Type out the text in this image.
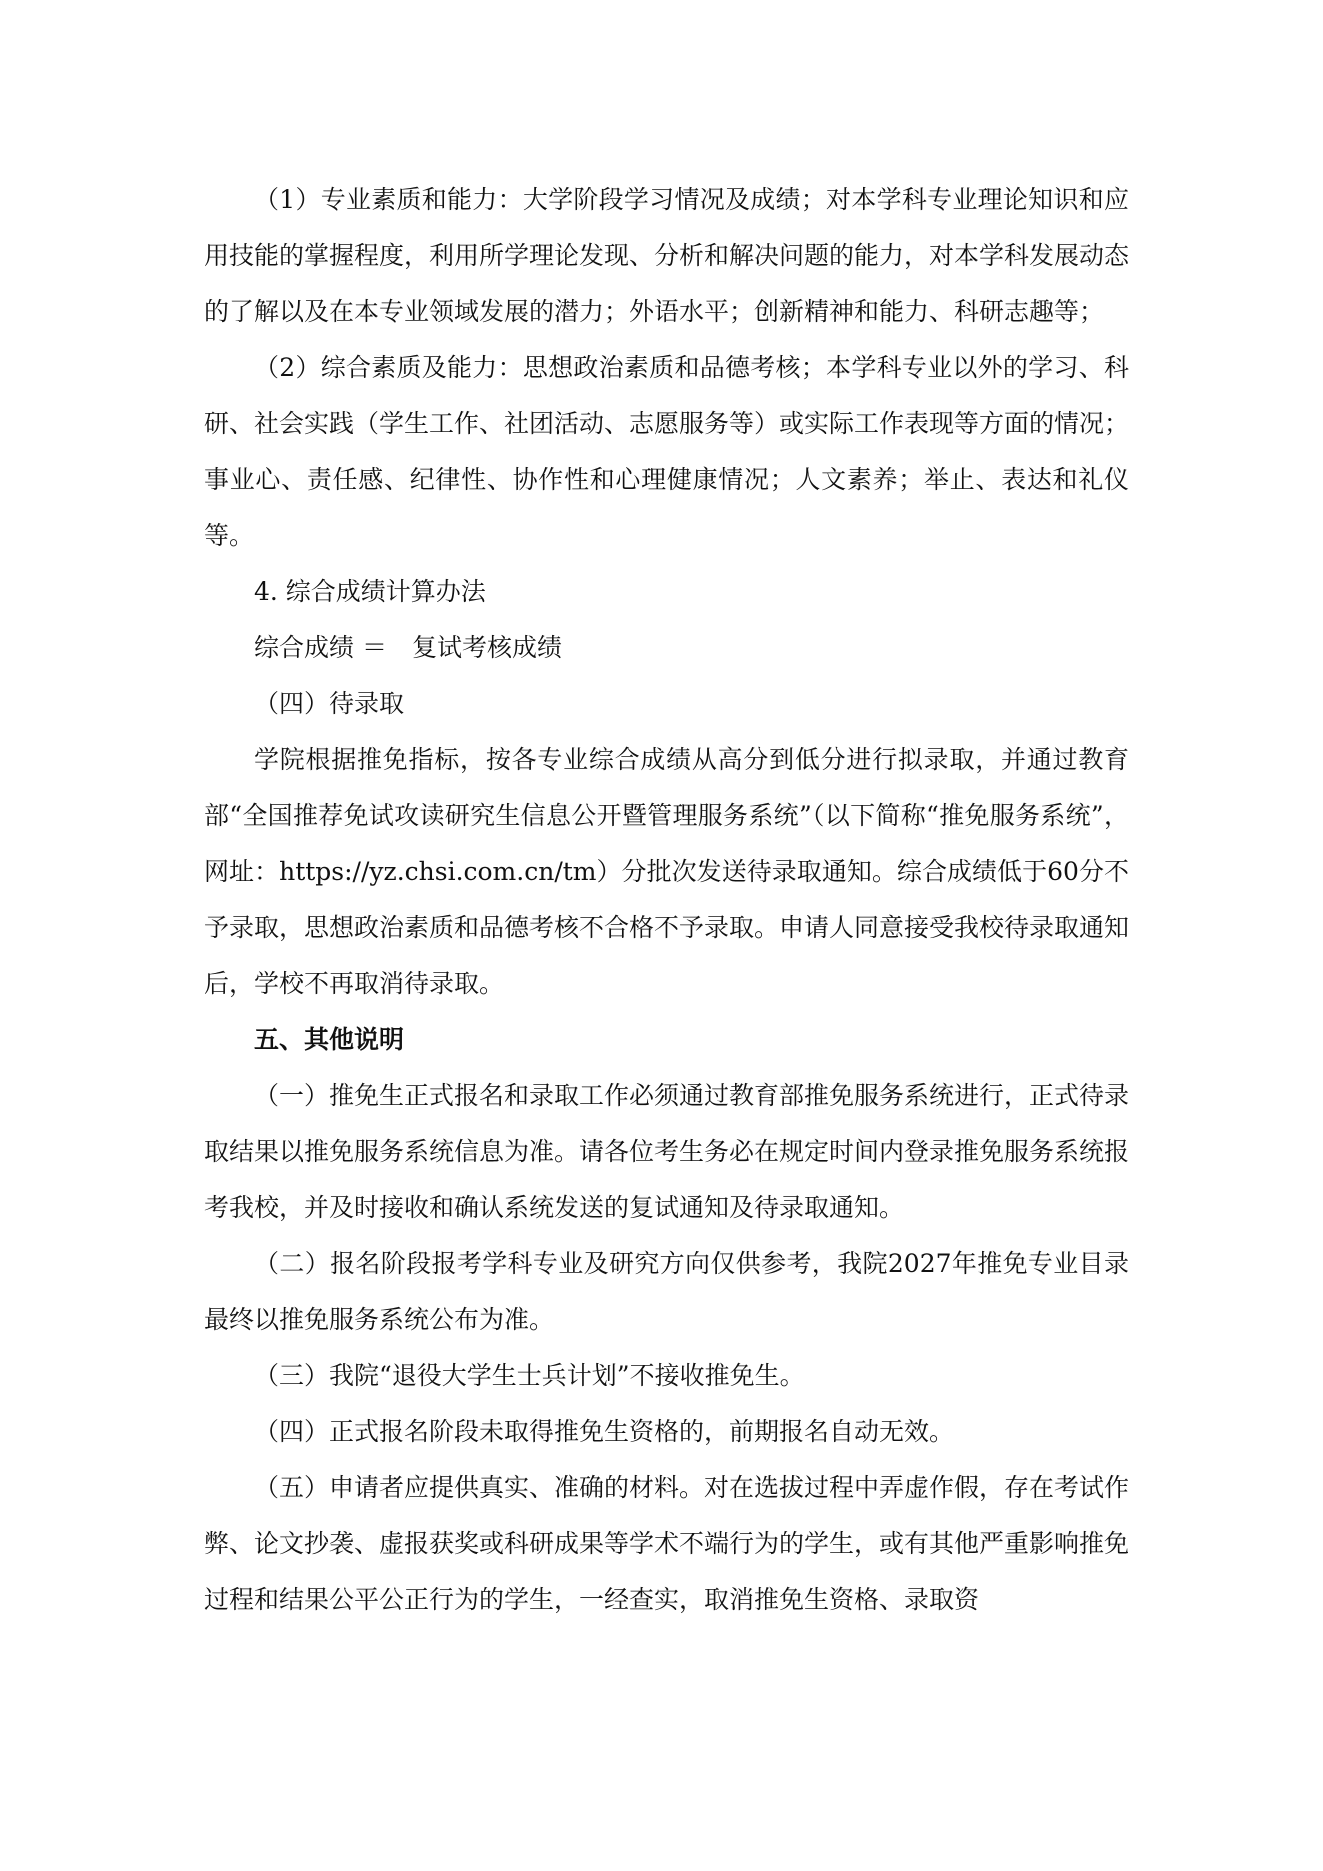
（1）专业素质和能力：大学阶段学习情况及成绩；对本学科专业理论知识和应用技能的掌握程度，利用所学理论发现、分析和解决问题的能力，对本学科发展动态的了解以及在本专业领域发展的潜力；外语水平；创新精神和能力、科研志趣等；

（2）综合素质及能力：思想政治素质和品德考核；本学科专业以外的学习、科研、社会实践（学生工作、社团活动、志愿服务等）或实际工作表现等方面的情况；事业心、责任感、纪律性、协作性和心理健康情况；人文素养；举止、表达和礼仪等。

4. 综合成绩计算办法

综合成绩 ＝　复试考核成绩

（四）待录取

学院根据推免指标，按各专业综合成绩从高分到低分进行拟录取，并通过教育部“全国推荐免试攻读研究生信息公开暨管理服务系统”（以下简称“推免服务系统”，网址：https://yz.chsi.com.cn/tm）分批次发送待录取通知。综合成绩低于60分不予录取，思想政治素质和品德考核不合格不予录取。申请人同意接受我校待录取通知后，学校不再取消待录取。

五、其他说明

（一）推免生正式报名和录取工作必须通过教育部推免服务系统进行，正式待录取结果以推免服务系统信息为准。请各位考生务必在规定时间内登录推免服务系统报考我校，并及时接收和确认系统发送的复试通知及待录取通知。

（二）报名阶段报考学科专业及研究方向仅供参考，我院2027年推免专业目录最终以推免服务系统公布为准。

（三）我院“退役大学生士兵计划”不接收推免生。

（四）正式报名阶段未取得推免生资格的，前期报名自动无效。

（五）申请者应提供真实、准确的材料。对在选拔过程中弄虚作假，存在考试作弊、论文抄袭、虚报获奖或科研成果等学术不端行为的学生，或有其他严重影响推免过程和结果公平公正行为的学生，一经查实，取消推免生资格、录取资
